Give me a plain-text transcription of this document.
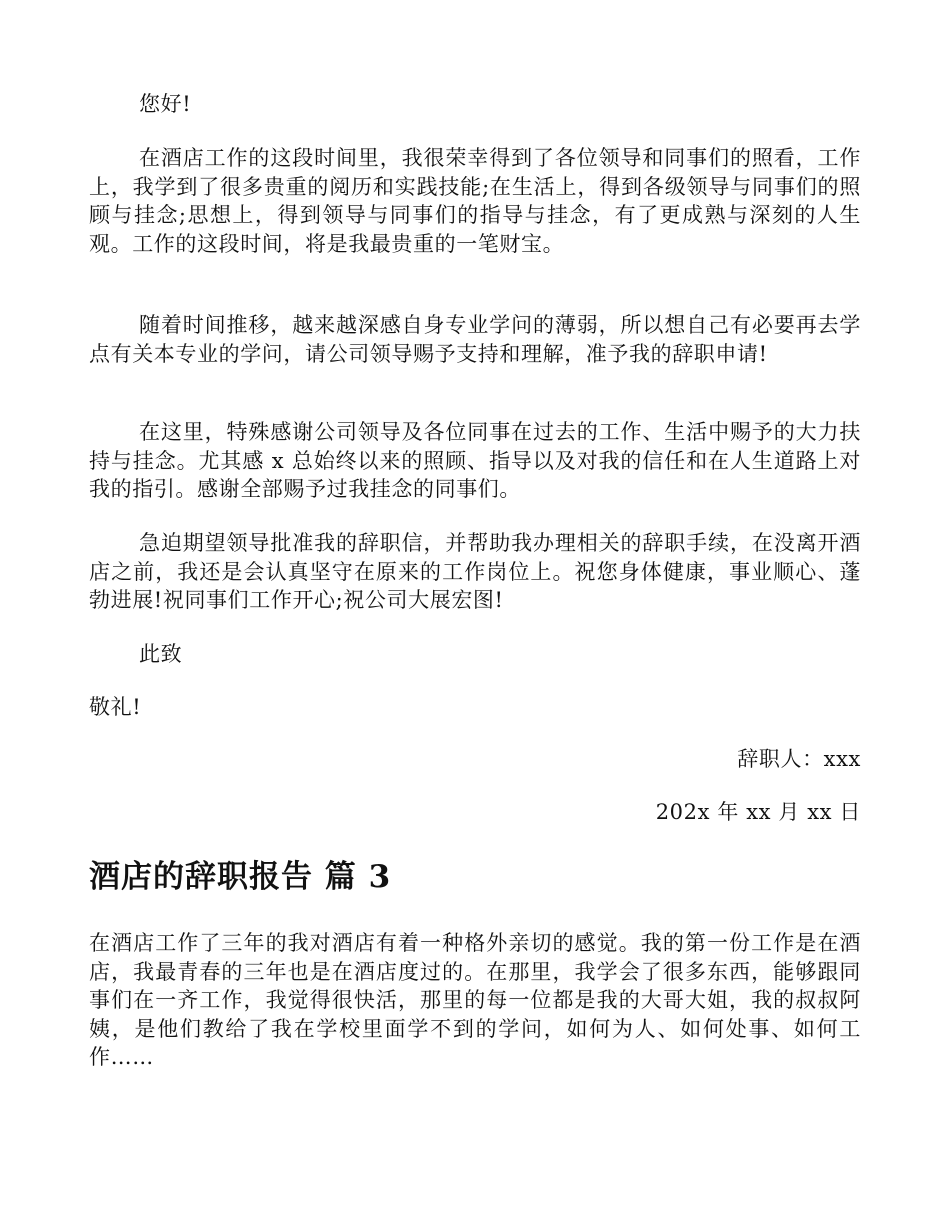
您好!

在酒店工作的这段时间里，我很荣幸得到了各位领导和同事们的照看，工作上，我学到了很多贵重的阅历和实践技能;在生活上，得到各级领导与同事们的照顾与挂念;思想上，得到领导与同事们的指导与挂念，有了更成熟与深刻的人生观。工作的这段时间，将是我最贵重的一笔财宝。

随着时间推移，越来越深感自身专业学问的薄弱，所以想自己有必要再去学点有关本专业的学问，请公司领导赐予支持和理解，准予我的辞职申请!

在这里，特殊感谢公司领导及各位同事在过去的工作、生活中赐予的大力扶持与挂念。尤其感 x 总始终以来的照顾、指导以及对我的信任和在人生道路上对我的指引。感谢全部赐予过我挂念的同事们。

急迫期望领导批准我的辞职信，并帮助我办理相关的辞职手续，在没离开酒店之前，我还是会认真坚守在原来的工作岗位上。祝您身体健康，事业顺心、蓬勃进展!祝同事们工作开心;祝公司大展宏图!

此致

敬礼!

辞职人：xxx

202x 年 xx 月 xx 日

酒店的辞职报告 篇 3

在酒店工作了三年的我对酒店有着一种格外亲切的感觉。我的第一份工作是在酒店，我最青春的三年也是在酒店度过的。在那里，我学会了很多东西，能够跟同事们在一齐工作，我觉得很快活，那里的每一位都是我的大哥大姐，我的叔叔阿姨，是他们教给了我在学校里面学不到的学问，如何为人、如何处事、如何工作……
